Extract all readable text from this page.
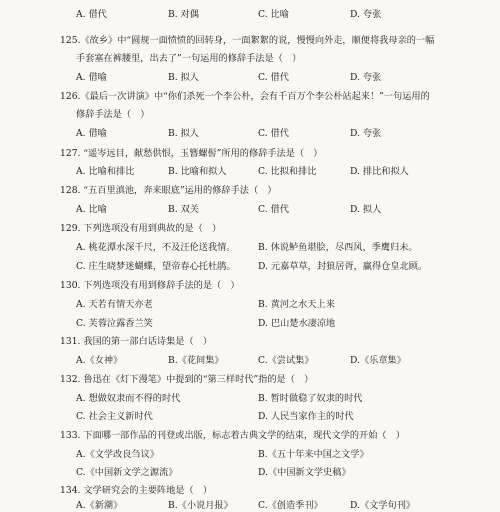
A. 借代	B. 对偶	C. 比喻	D. 夸张
125.《故乡》中“圆规一面愤愤的回转身，一面絮絮的说，慢慢向外走，顺便将我母亲的一幅
手套塞在裤腰里，出去了”一句运用的修辞手法是（　）
A. 借喻	B. 拟人	C. 借代	D. 夸张
126.《最后一次讲演》中“你们杀死一个李公朴，会有千百万个李公朴站起来！”一句运用的
修辞手法是（　）
A. 借喻	B. 拟人	C. 借代	D. 夸张
127. “遥岑远目，献愁供恨，玉簪螺髻”所用的修辞手法是（　）
A. 比喻和排比	B. 比喻和拟人	C. 比拟和排比	D. 排比和拟人
128. “五百里滇池，奔来眼底”运用的修辞手法（　）
A. 比喻	B. 双关	C. 借代	D. 拟人
129. 下列选项没有用到典故的是（　）
A. 桃花潭水深千尺，不及汪伦送我情。 B. 休说鲈鱼堪脍，尽西风，季鹰归未。
C. 庄生晓梦迷蝴蝶，望帝春心托杜鹃。 D. 元嘉草草，封狼居胥，赢得仓皇北顾。
130. 下列选项没有用到修辞手法的是（　）
A. 天若有情天亦老	B. 黄河之水天上来
C. 芙蓉泣露香兰笑	D. 巴山楚水凄凉地
131. 我国的第一部白话诗集是（　）
A.《女神》	B.《花间集》	C.《尝试集》	D.《乐章集》
132. 鲁迅在《灯下漫笔》中提到的“第三样时代”指的是（　）
A. 想做奴隶而不得的时代	B. 暂时做稳了奴隶的时代
C. 社会主义新时代	D. 人民当家作主的时代
133. 下面哪一部作品的刊登或出版，标志着古典文学的结束，现代文学的开始（　）
A.《文学改良刍议》	B.《五十年来中国之文学》
C.《中国新文学之源流》	D.《中国新文学史稿》
134. 文学研究会的主要阵地是（　）
A.《新潮》	B.《小说月报》	C.《创造季刊》	D.《文学旬刊》
